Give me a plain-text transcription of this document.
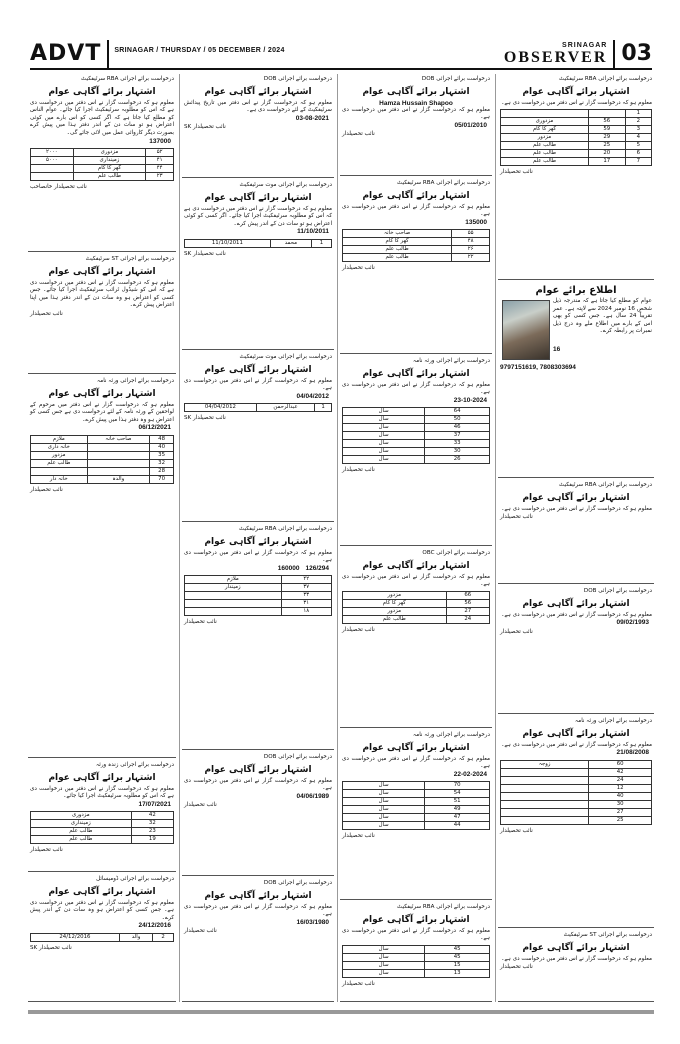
ADVT	SRINAGAR / THURSDAY / 05 DECEMBER / 2024
SRINAGAR
OBSERVER 03
درخواست برائے اجرائی RBA سرٹیفکیٹ
اشتہار برائے آگاہی عوام
معلوم ہو کہ درخواست گزار نے اس دفتر میں درخواست دی ہے کہ اس کو مطلوبہ سرٹیفکیٹ اجرا کیا جائے۔ عوام الناس کو مطلع کیا جاتا ہے کہ اگر کسی کو اس بارے میں کوئی اعتراض ہو تو سات دن کے اندر دفتر ہذا میں پیش کرے بصورت دیگر کاروائی عمل میں لائی جائے گی۔
137000
۵۲	مزدوری	۲۰۰۰
۴۱	زمینداری	۵۰۰۰
۴۴	گھر کا کام	
۲۳	طالب علم	
نائب تحصیلدار خانصاحب
درخواست برائے اجرائی ST سرٹیفکیٹ
اشتہار برائے آگاہی عوام
معلوم ہو کہ درخواست گزار نے اس دفتر میں درخواست دی ہے کہ اس کو شیڈول ٹرائب سرٹیفکیٹ اجرا کیا جائے۔ جس کسی کو اعتراض ہو وہ سات دن کے اندر دفتر ہذا میں اپنا اعتراض پیش کرے۔
نائب تحصیلدار
درخواست برائے اجرائی ورثہ نامہ
اشتہار برائے آگاہی عوام
معلوم ہو کہ درخواست گزار نے اس دفتر میں مرحوم کے لواحقین کے ورثہ نامہ کے لئے درخواست دی ہے جس کسی کو اعتراض ہو وہ دفتر ہذا میں پیش کرے۔
06/12/2021
48	صاحب خانہ	ملازم
40		خانہ داری
35		مزدور
32		طالب علم
28		
70	والدہ	خانہ دار
نائب تحصیلدار
درخواست برائے اجرائی زندہ ورثہ
اشتہار برائے آگاہی عوام
معلوم ہو کہ درخواست گزار نے اس دفتر میں درخواست دی ہے کہ اس کو مطلوبہ سرٹیفکیٹ اجرا کیا جائے۔
17/07/2021
42	مزدوری
32	زمینداری
23	طالب علم
19	طالب علم
نائب تحصیلدار
درخواست برائے اجرائی ڈومیسائل
اشتہار برائے آگاہی عوام
معلوم ہو کہ درخواست گزار نے اس دفتر میں درخواست دی ہے۔ جس کسی کو اعتراض ہو وہ سات دن کے اندر پیش کرے۔
24/12/2016
2	والد	24/12/2016
نائب تحصیلدار SK
درخواست برائے اجرائی DOB
اشتہار برائے آگاہی عوام
معلوم ہو کہ درخواست گزار نے اس دفتر میں تاریخ پیدائش سرٹیفکیٹ کے لئے درخواست دی ہے۔
03-08-2021
نائب تحصیلدار SK
درخواست برائے اجرائی موت سرٹیفکیٹ
اشتہار برائے آگاہی عوام
معلوم ہو کہ درخواست گزار نے اس دفتر میں درخواست دی ہے کہ اس کو مطلوبہ سرٹیفکیٹ اجرا کیا جائے۔ اگر کسی کو کوئی اعتراض ہو تو سات دن کے اندر پیش کرے۔
11/10/2011
1	محمد	11/10/2011
نائب تحصیلدار SK
درخواست برائے اجرائی موت سرٹیفکیٹ
اشتہار برائے آگاہی عوام
معلوم ہو کہ درخواست گزار نے اس دفتر میں درخواست دی ہے۔
04/04/2012
1	عبدالرحمن	04/04/2012
نائب تحصیلدار SK
درخواست برائے اجرائی RBA سرٹیفکیٹ
اشتہار برائے آگاہی عوام
معلوم ہو کہ درخواست گزار نے اس دفتر میں درخواست دی ہے۔
126/294160000
۴۲	ملازم
۳۷	زمیندار
۳۳	
۳۱	
۱۸	
نائب تحصیلدار
درخواست برائے اجرائی DOB
اشتہار برائے آگاہی عوام
معلوم ہو کہ درخواست گزار نے اس دفتر میں درخواست دی ہے۔
04/06/1989
نائب تحصیلدار
درخواست برائے اجرائی DOB
اشتہار برائے آگاہی عوام
معلوم ہو کہ درخواست گزار نے اس دفتر میں درخواست دی ہے۔
16/03/1980
نائب تحصیلدار
درخواست برائے اجرائی DOB
اشتہار برائے آگاہی عوام
Hamza Hussain Shapoo
معلوم ہو کہ درخواست گزار نے اس دفتر میں درخواست دی ہے۔
05/01/2010
نائب تحصیلدار
درخواست برائے اجرائی RBA سرٹیفکیٹ
اشتہار برائے آگاہی عوام
معلوم ہو کہ درخواست گزار نے اس دفتر میں درخواست دی ہے۔
135000
۵۵	صاحب خانہ
۴۸	گھر کا کام
۲۶	طالب علم
۲۲	طالب علم
نائب تحصیلدار
درخواست برائے اجرائی ورثہ نامہ
اشتہار برائے آگاہی عوام
معلوم ہو کہ درخواست گزار نے اس دفتر میں درخواست دی ہے۔
23-10-2024
64	سال
50	سال
46	سال
37	سال
33	سال
30	سال
26	سال
نائب تحصیلدار
درخواست برائے اجرائی OBC
اشتہار برائے آگاہی عوام
معلوم ہو کہ درخواست گزار نے اس دفتر میں درخواست دی ہے۔
66	مزدور
56	گھر کا کام
27	مزدور
24	طالب علم
نائب تحصیلدار
درخواست برائے اجرائی ورثہ نامہ
اشتہار برائے آگاہی عوام
معلوم ہو کہ درخواست گزار نے اس دفتر میں درخواست دی ہے۔
22-02-2024
70	سال
54	سال
51	سال
49	سال
47	سال
44	سال
نائب تحصیلدار
درخواست برائے اجرائی RBA سرٹیفکیٹ
اشتہار برائے آگاہی عوام
معلوم ہو کہ درخواست گزار نے اس دفتر میں درخواست دی ہے۔
45	سال
45	سال
15	سال
13	سال
نائب تحصیلدار
درخواست برائے اجرائی RBA سرٹیفکیٹ
اشتہار برائے آگاہی عوام
معلوم ہو کہ درخواست گزار نے اس دفتر میں درخواست دی ہے۔
1		
2	56	مزدوری
3	59	گھر کا کام
4	29	مزدور
5	25	طالب علم
6	20	طالب علم
7	17	طالب علم
نائب تحصیلدار
اطلاع برائے عوام
عوام کو مطلع کیا جاتا ہے کہ مندرجہ ذیل شخص 16 نومبر 2024 سے لاپتہ ہے۔ عمر تقریباً 24 سال ہے۔ جس کسی کو بھی اس کے بارے میں اطلاع ملے وہ درج ذیل نمبرات پر رابطہ کرے۔
16
9797151619, 7808303694
درخواست برائے اجرائی RBA سرٹیفکیٹ
اشتہار برائے آگاہی عوام
معلوم ہو کہ درخواست گزار نے اس دفتر میں درخواست دی ہے۔
نائب تحصیلدار
درخواست برائے اجرائی DOB
اشتہار برائے آگاہی عوام
معلوم ہو کہ درخواست گزار نے اس دفتر میں درخواست دی ہے۔
09/02/1993
نائب تحصیلدار
درخواست برائے اجرائی ورثہ نامہ
اشتہار برائے آگاہی عوام
معلوم ہو کہ درخواست گزار نے اس دفتر میں درخواست دی ہے۔
21/08/2008
60	زوجہ
42	
24	
12	
40	
30	
27	
25	
نائب تحصیلدار
درخواست برائے اجرائی ST سرٹیفکیٹ
اشتہار برائے آگاہی عوام
معلوم ہو کہ درخواست گزار نے اس دفتر میں درخواست دی ہے۔
نائب تحصیلدار
